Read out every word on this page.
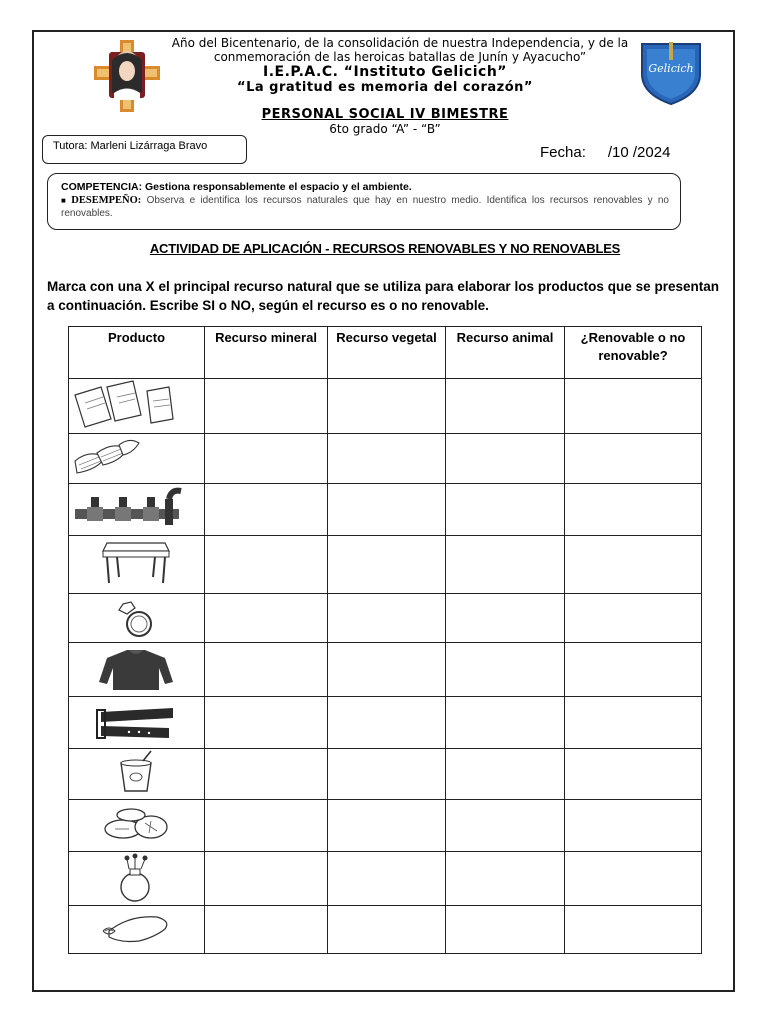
Gelicich
Año del Bicentenario, de la consolidación de nuestra Independencia, y de la conmemoración de las heroicas batallas de Junín y Ayacucho”
I.E.P.A.C. “Instituto Gelicich”
“La gratitud es memoria del corazón”
PERSONAL SOCIAL IV BIMESTRE
6to grado “A” - “B”
Tutora: Marleni Lizárraga Bravo	Fecha: /10 /2024
COMPETENCIA: Gestiona responsablemente el espacio y el ambiente.
■ DESEMPEÑO: Observa e identifica los recursos naturales que hay en nuestro medio. Identifica los recursos renovables y no renovables.
ACTIVIDAD DE APLICACIÓN - RECURSOS RENOVABLES Y NO RENOVABLES
Marca con una X el principal recurso natural que se utiliza para elaborar los productos que se presentan a continuación. Escribe SI o NO, según el recurso es o no renovable.
Producto	Recurso mineral	Recurso vegetal	Recurso animal	¿Renovable o no renovable?
